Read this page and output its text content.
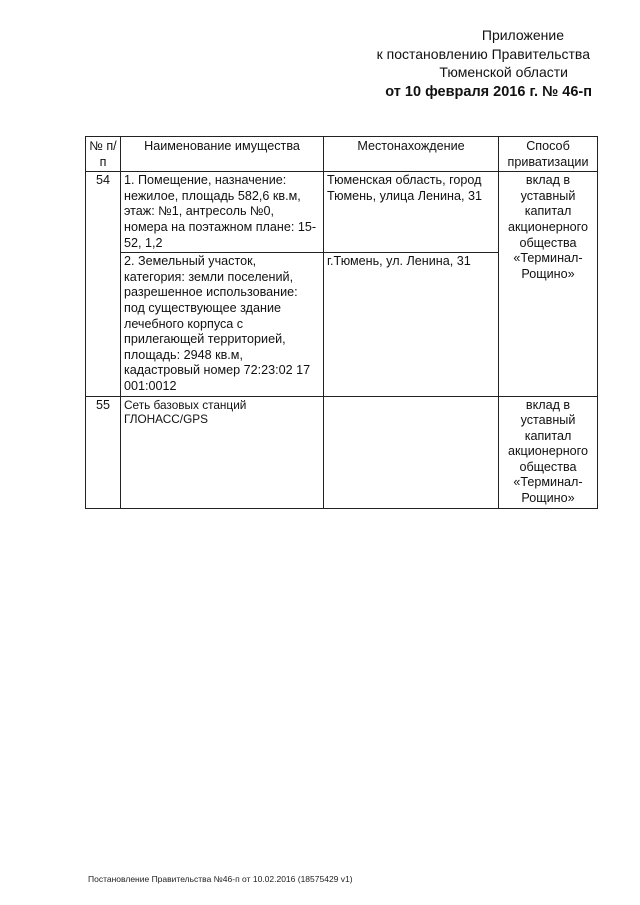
Приложение
к постановлению Правительства
Тюменской области
от 10 февраля 2016 г. № 46-п
№ п/п	Наименование имущества	Местонахождение	Способ приватизации
54	1. Помещение, назначение: нежилое, площадь 582,6 кв.м, этаж: №1, антресоль №0, номера на поэтажном плане: 15-52, 1,2	Тюменская область, город Тюмень, улица Ленина, 31	вклад в уставный капитал акционерного общества «Терминал-Рощино»
	2. Земельный участок, категория: земли поселений, разрешенное использование: под существующее здание лечебного корпуса с прилегающей территорией, площадь: 2948 кв.м, кадастровый номер 72:23:02 17 001:0012	г.Тюмень, ул. Ленина, 31	
55	Сеть базовых станций ГЛОНАСС/GPS		вклад в уставный капитал акционерного общества «Терминал-Рощино»
Постановление Правительства №46-п от 10.02.2016 (18575429 v1)
